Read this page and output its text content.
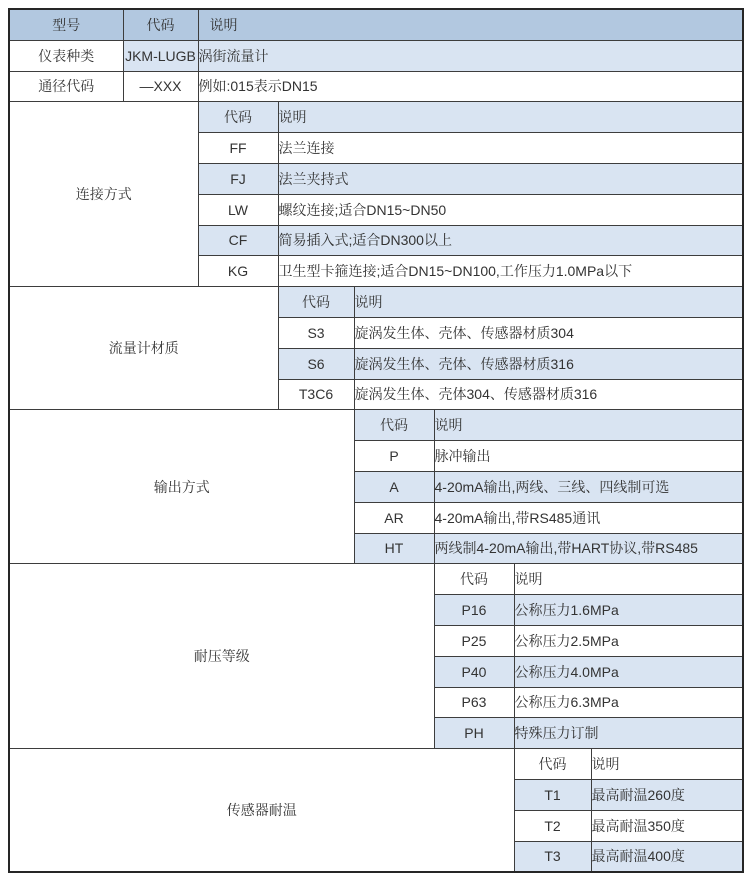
型号	代码	说明					
仪表种类	JKM-LUGB	涡街流量计					
通径代码	—XXX	例如:015表示DN15					
连接方式		代码	说明				
		FF	法兰连接				
		FJ	法兰夹持式				
		LW	螺纹连接;适合DN15~DN50				
		CF	简易插入式;适合DN300以上				
		KG	卫生型卡箍连接;适合DN15~DN100,工作压力1.0MPa以下				
流量计材质			代码	说明			
			S3	旋涡发生体、壳体、传感器材质304			
			S6	旋涡发生体、壳体、传感器材质316			
			T3C6	旋涡发生体、壳体304、传感器材质316			
输出方式				代码	说明		
				P	脉冲输出		
				A	4-20mA输出,两线、三线、四线制可选		
				AR	4-20mA输出,带RS485通讯		
				HT	两线制4-20mA输出,带HART协议,带RS485		
耐压等级					代码	说明	
					P16	公称压力1.6MPa	
					P25	公称压力2.5MPa	
					P40	公称压力4.0MPa	
					P63	公称压力6.3MPa	
					PH	特殊压力订制	
传感器耐温						代码	说明
						T1	最高耐温260度
						T2	最高耐温350度
						T3	最高耐温400度
